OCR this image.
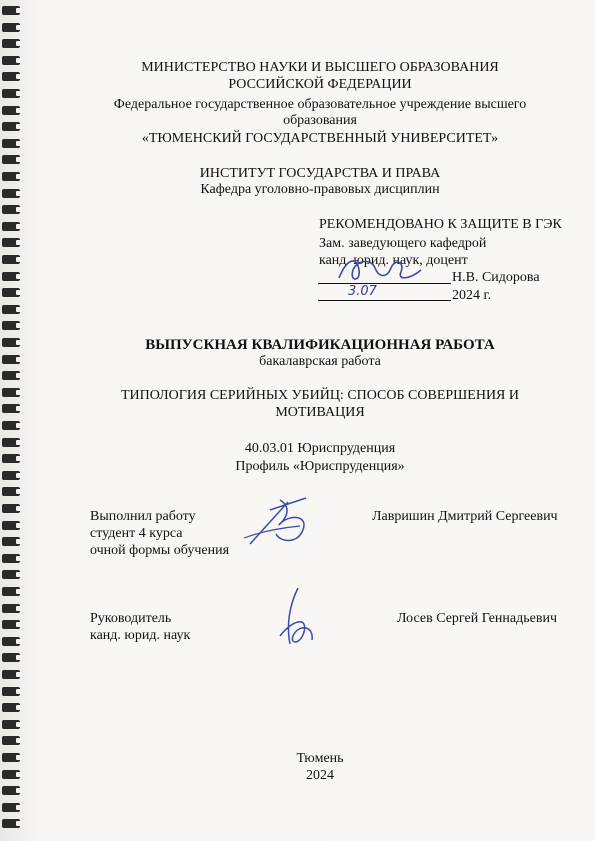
МИНИСТЕРСТВО НАУКИ И ВЫСШЕГО ОБРАЗОВАНИЯ
РОССИЙСКОЙ ФЕДЕРАЦИИ
Федеральное государственное образовательное учреждение высшего
образования
«ТЮМЕНСКИЙ ГОСУДАРСТВЕННЫЙ УНИВЕРСИТЕТ»
ИНСТИТУТ ГОСУДАРСТВА И ПРАВА
Кафедра уголовно-правовых дисциплин
РЕКОМЕНДОВАНО К ЗАЩИТЕ В ГЭК
Зам. заведующего кафедрой
канд. юрид. наук, доцент
Н.В. Сидорова
3.07	2024 г.
ВЫПУСКНАЯ КВАЛИФИКАЦИОННАЯ РАБОТА
бакалаврская работа
ТИПОЛОГИЯ СЕРИЙНЫХ УБИЙЦ: СПОСОБ СОВЕРШЕНИЯ И
МОТИВАЦИЯ
40.03.01 Юриспруденция
Профиль «Юриспруденция»
Выполнил работу
студент 4 курса
очной формы обучения
Лавришин Дмитрий Сергеевич
Руководитель
канд. юрид. наук
Лосев Сергей Геннадьевич
Тюмень
2024
